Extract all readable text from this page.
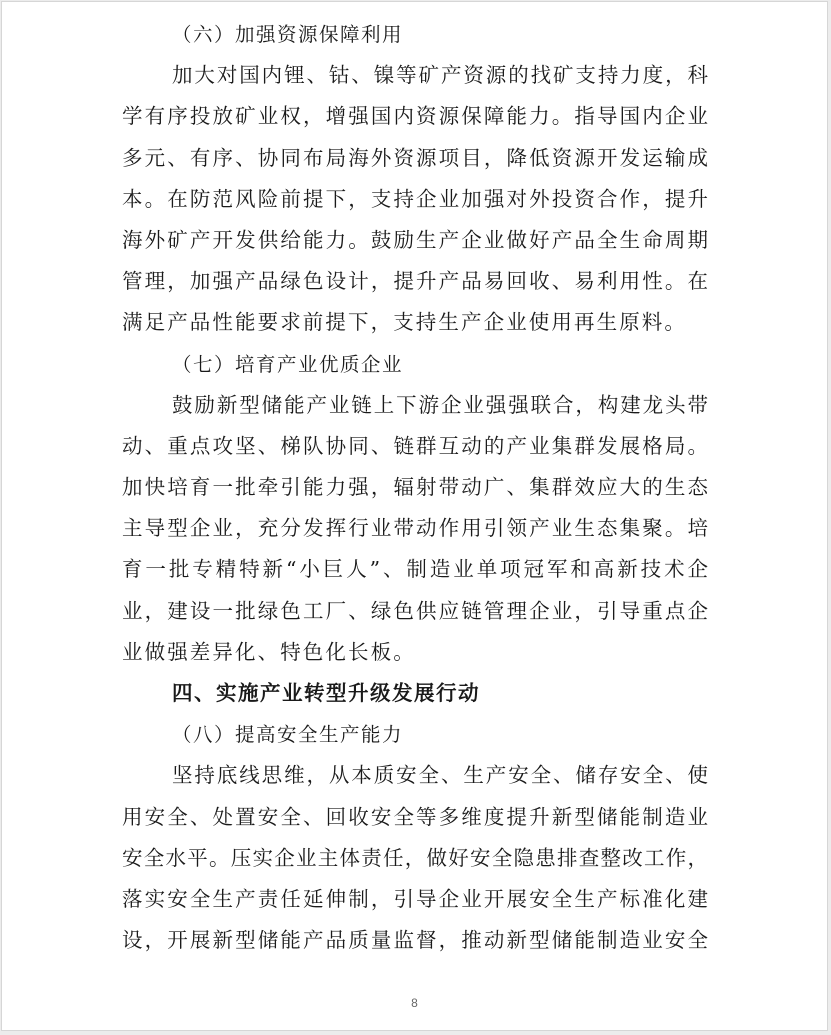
（六）加强资源保障利用
加大对国内锂、钴、镍等矿产资源的找矿支持力度，科
学有序投放矿业权，增强国内资源保障能力。指导国内企业
多元、有序、协同布局海外资源项目，降低资源开发运输成
本。在防范风险前提下，支持企业加强对外投资合作，提升
海外矿产开发供给能力。鼓励生产企业做好产品全生命周期
管理，加强产品绿色设计，提升产品易回收、易利用性。在
满足产品性能要求前提下，支持生产企业使用再生原料。
（七）培育产业优质企业
鼓励新型储能产业链上下游企业强强联合，构建龙头带
动、重点攻坚、梯队协同、链群互动的产业集群发展格局。
加快培育一批牵引能力强，辐射带动广、集群效应大的生态
主导型企业，充分发挥行业带动作用引领产业生态集聚。培
育一批专精特新“小巨人”、制造业单项冠军和高新技术企
业，建设一批绿色工厂、绿色供应链管理企业，引导重点企
业做强差异化、特色化长板。
四、实施产业转型升级发展行动
（八）提高安全生产能力
坚持底线思维，从本质安全、生产安全、储存安全、使
用安全、处置安全、回收安全等多维度提升新型储能制造业
安全水平。压实企业主体责任，做好安全隐患排查整改工作，
落实安全生产责任延伸制，引导企业开展安全生产标准化建
设，开展新型储能产品质量监督，推动新型储能制造业安全
8
